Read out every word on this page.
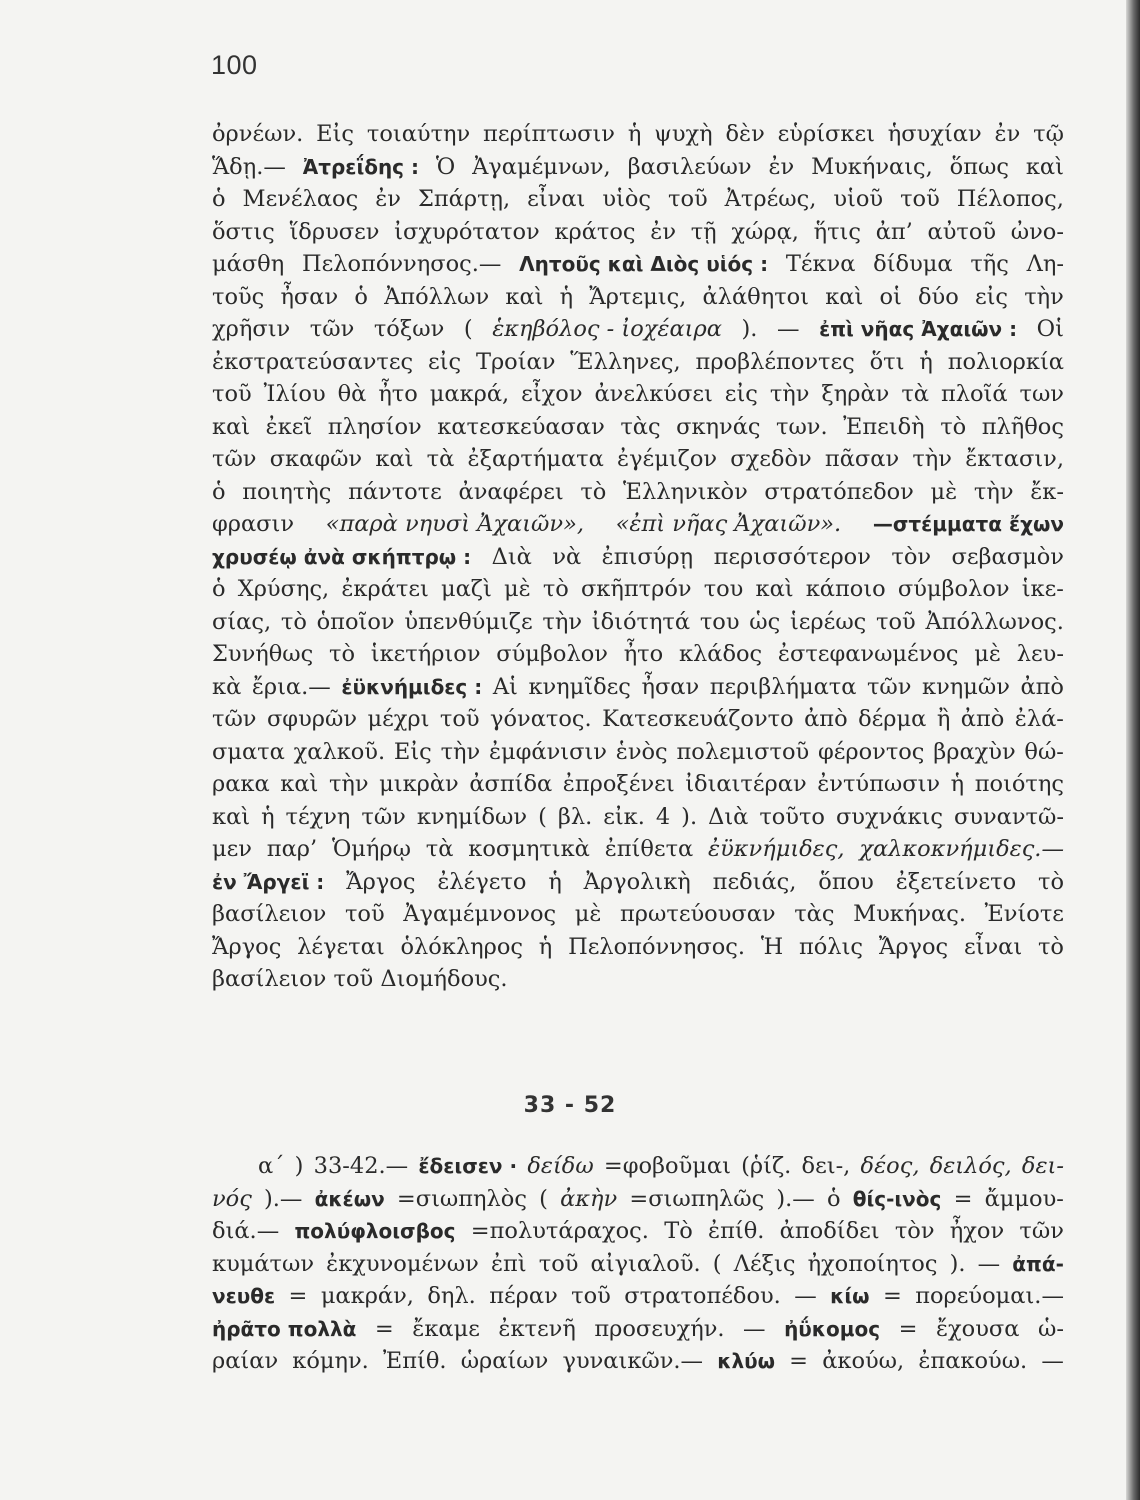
100
ὀρνέων. Εἰς τοιαύτην περίπτωσιν ἡ ψυχὴ δὲν εὑρίσκει ἡσυχίαν ἐν τῷ
Ἅδῃ.— Ἀτρεΐδης : Ὁ Ἀγαμέμνων, βασιλεύων ἐν Μυκήναις, ὅπως καὶ
ὁ Μενέλαος ἐν Σπάρτῃ, εἶναι υἱὸς τοῦ Ἀτρέως, υἱοῦ τοῦ Πέλοπος,
ὅστις ἵδρυσεν ἰσχυρότατον κράτος ἐν τῇ χώρᾳ, ἥτις ἀπ’ αὐτοῦ ὠνο-
μάσθη Πελοπόννησος.— Λητοῦς καὶ Διὸς υἱός : Τέκνα δίδυμα τῆς Λη-
τοῦς ἦσαν ὁ Ἀπόλλων καὶ ἡ Ἄρτεμις, ἀλάθητοι καὶ οἱ δύο εἰς τὴν
χρῆσιν τῶν τόξων ( ἑκηβόλος - ἰοχέαιρα ). — ἐπὶ νῆας Ἀχαιῶν : Οἱ
ἐκστρατεύσαντες εἰς Τροίαν Ἕλληνες, προβλέποντες ὅτι ἡ πολιορκία
τοῦ Ἰλίου θὰ ἦτο μακρά, εἶχον ἀνελκύσει εἰς τὴν ξηρὰν τὰ πλοῖά των
καὶ ἐκεῖ πλησίον κατεσκεύασαν τὰς σκηνάς των. Ἐπειδὴ τὸ πλῆθος
τῶν σκαφῶν καὶ τὰ ἐξαρτήματα ἐγέμιζον σχεδὸν πᾶσαν τὴν ἔκτασιν,
ὁ ποιητὴς πάντοτε ἀναφέρει τὸ Ἑλληνικὸν στρατόπεδον μὲ τὴν ἔκ-
φρασιν «παρὰ νηυσὶ Ἀχαιῶν», «ἐπὶ νῆας Ἀχαιῶν». —στέμματα ἔχων
χρυσέῳ ἀνὰ σκήπτρῳ : Διὰ νὰ ἐπισύρῃ περισσότερον τὸν σεβασμὸν
ὁ Χρύσης, ἐκράτει μαζὶ μὲ τὸ σκῆπτρόν του καὶ κάποιο σύμβολον ἱκε-
σίας, τὸ ὁποῖον ὑπενθύμιζε τὴν ἰδιότητά του ὡς ἱερέως τοῦ Ἀπόλλωνος.
Συνήθως τὸ ἱκετήριον σύμβολον ἦτο κλάδος ἐστεφανωμένος μὲ λευ-
κὰ ἔρια.— ἐϋκνήμιδες : Αἱ κνημῖδες ἦσαν περιβλήματα τῶν κνημῶν ἀπὸ
τῶν σφυρῶν μέχρι τοῦ γόνατος. Κατεσκευάζοντο ἀπὸ δέρμα ἢ ἀπὸ ἐλά-
σματα χαλκοῦ. Εἰς τὴν ἐμφάνισιν ἑνὸς πολεμιστοῦ φέροντος βραχὺν θώ-
ρακα καὶ τὴν μικρὰν ἀσπίδα ἐπροξένει ἰδιαιτέραν ἐντύπωσιν ἡ ποιότης
καὶ ἡ τέχνη τῶν κνημίδων ( βλ. εἰκ. 4 ). Διὰ τοῦτο συχνάκις συναντῶ-
μεν παρ’ Ὁμήρῳ τὰ κοσμητικὰ ἐπίθετα ἐϋκνήμιδες, χαλκοκνήμιδες.—
ἐν Ἄργεϊ : Ἄργος ἐλέγετο ἡ Ἀργολικὴ πεδιάς, ὅπου ἐξετείνετο τὸ
βασίλειον τοῦ Ἀγαμέμνονος μὲ πρωτεύουσαν τὰς Μυκήνας. Ἐνίοτε
Ἄργος λέγεται ὁλόκληρος ἡ Πελοπόννησος. Ἡ πόλις Ἄργος εἶναι τὸ
βασίλειον τοῦ Διομήδους.
33 - 52
α΄ ) 33-42.— ἔδεισεν · δείδω =φοβοῦμαι (ῥίζ. δει-, δέος, δειλός, δει-
νός ).— ἀκέων =σιωπηλὸς ( ἀκὴν =σιωπηλῶς ).— ὁ θίς-ινὸς = ἄμμου-
διά.— πολύφλοισβος =πολυτάραχος. Τὸ ἐπίθ. ἀποδίδει τὸν ἦχον τῶν
κυμάτων ἐκχυνομένων ἐπὶ τοῦ αἰγιαλοῦ. ( Λέξις ἠχοποίητος ). — ἀπά-
νευθε = μακράν, δηλ. πέραν τοῦ στρατοπέδου. — κίω = πορεύομαι.—
ἠρᾶτο πολλὰ = ἔκαμε ἐκτενῆ προσευχήν. — ἠΰκομος = ἔχουσα ὡ-
ραίαν κόμην. Ἐπίθ. ὡραίων γυναικῶν.— κλύω = ἀκούω, ἐπακούω. —
